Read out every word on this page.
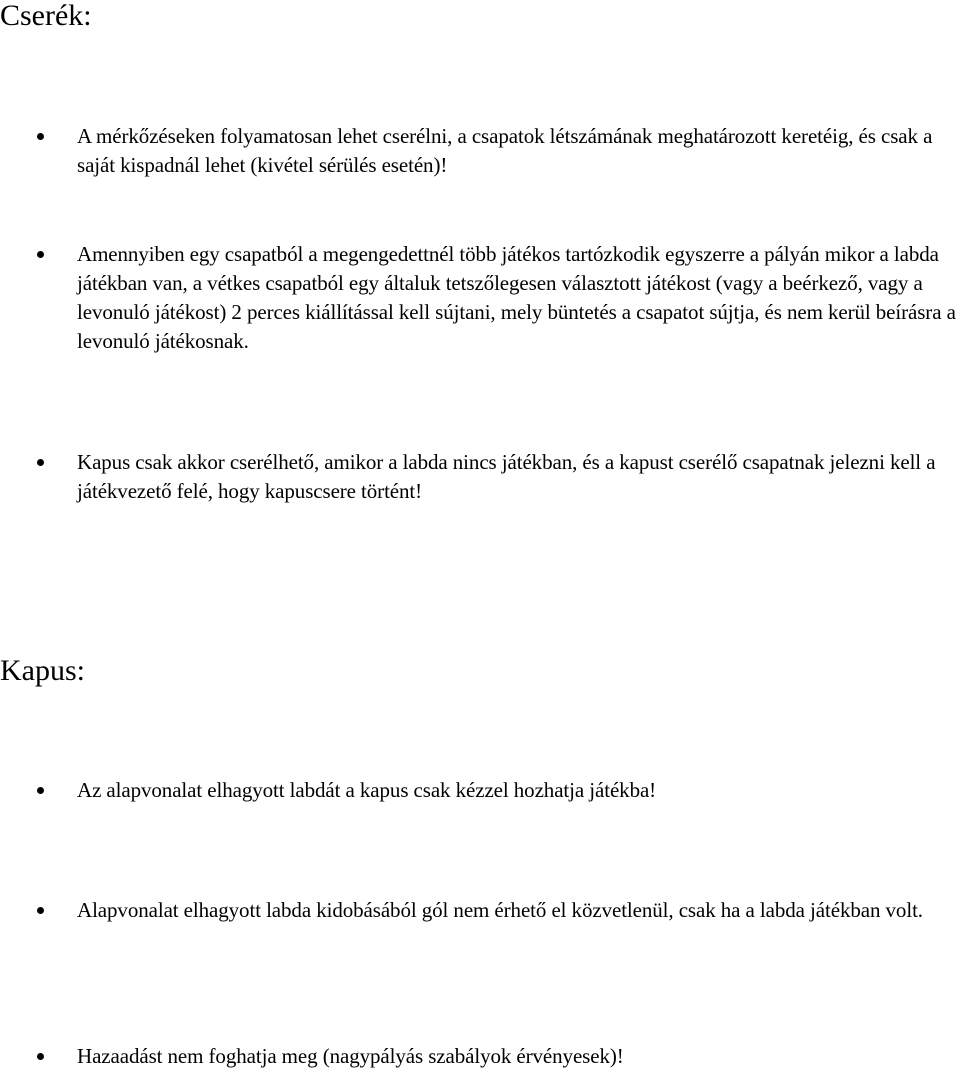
Cserék:
A mérkőzéseken folyamatosan lehet cserélni, a csapatok létszámának meghatározott keretéig, és csak a saját kispadnál lehet (kivétel sérülés esetén)!
Amennyiben egy csapatból a megengedettnél több játékos tartózkodik egyszerre a pályán mikor a labda játékban van, a vétkes csapatból egy általuk tetszőlegesen választott játékost (vagy a beérkező, vagy a levonuló játékost) 2 perces kiállítással kell sújtani, mely büntetés a csapatot sújtja, és nem kerül beírásra a levonuló játékosnak.
Kapus csak akkor cserélhető, amikor a labda nincs játékban, és a kapust cserélő csapatnak jelezni kell a játékvezető felé, hogy kapuscsere történt!
Kapus:
Az alapvonalat elhagyott labdát a kapus csak kézzel hozhatja játékba!
Alapvonalat elhagyott labda kidobásából gól nem érhető el közvetlenül, csak ha a labda játékban volt.
Hazaadást nem foghatja meg (nagypályás szabályok érvényesek)!
